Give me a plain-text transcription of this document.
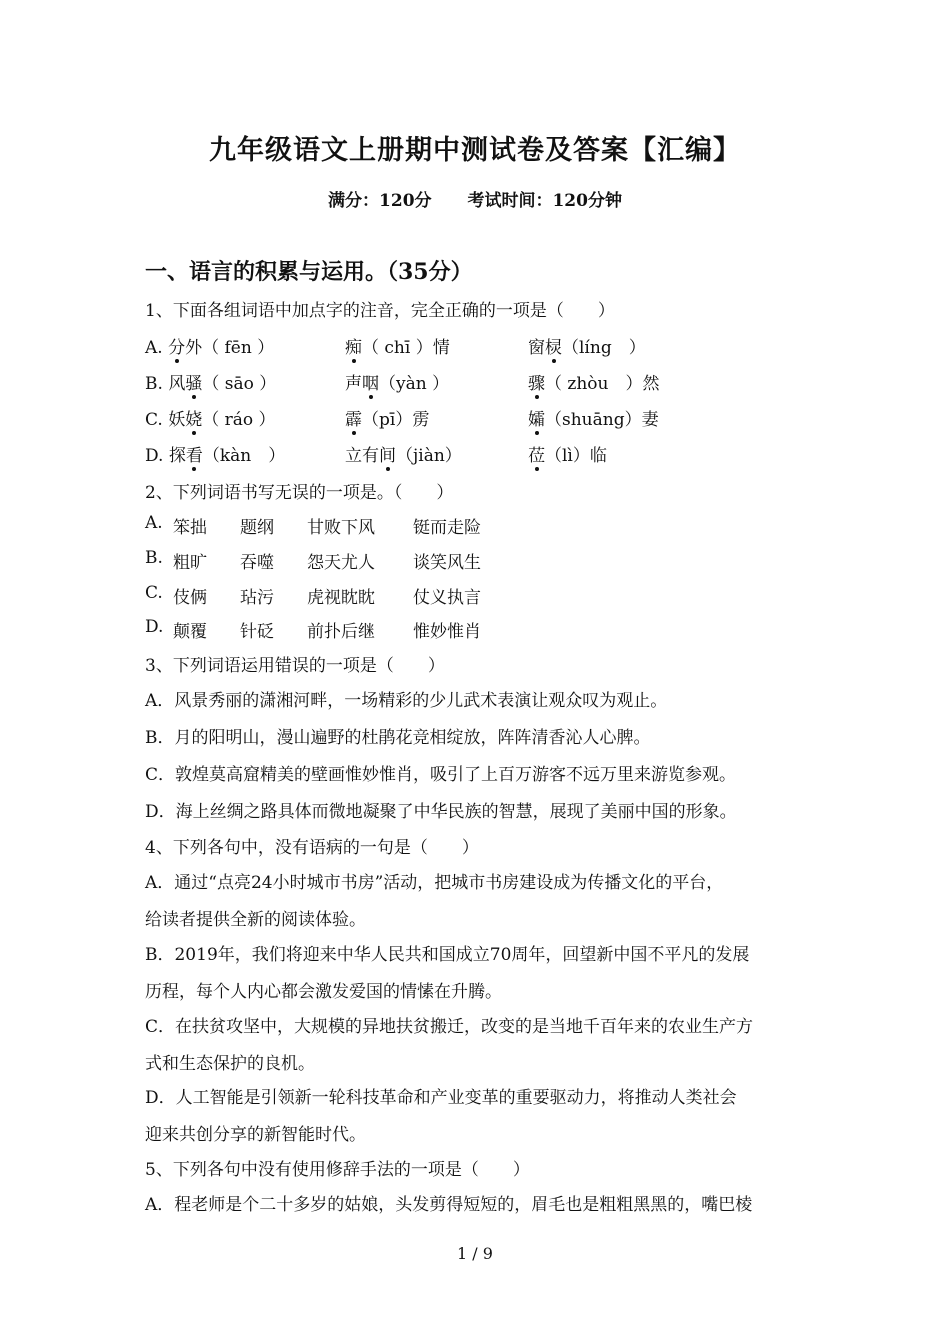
九年级语文上册期中测试卷及答案【汇编】
满分：120分 考试时间：120分钟
一、语言的积累与运用。（35分）
1、下面各组词语中加点字的注音，完全正确的一项是（　　）
A. 分外（ fēn ）	痴（ chī ）情	窗棂（líng　）
B. 风骚（ sāo ）	声咽（yàn ）	骤（ zhòu　）然
C. 妖娆（ ráo ）	霹（pī）雳	孀（shuāng）妻
D. 探看（kàn　）	立有间（jiàn）	莅（lì）临
2、下列词语书写无误的一项是。（　　）
A. 笨拙 题纲 甘败下风 铤而走险
B. 粗旷 吞噬 怨天尤人 谈笑风生
C. 伎俩 玷污 虎视眈眈 仗义执言
D. 颠覆 针砭 前扑后继 惟妙惟肖
3、下列词语运用错误的一项是（　　）
A．风景秀丽的潇湘河畔，一场精彩的少儿武术表演让观众叹为观止。
B．月的阳明山，漫山遍野的杜鹃花竞相绽放，阵阵清香沁人心脾。
C．敦煌莫高窟精美的壁画惟妙惟肖，吸引了上百万游客不远万里来游览参观。
D．海上丝绸之路具体而微地凝聚了中华民族的智慧，展现了美丽中国的形象。
4、下列各句中，没有语病的一句是（　　）
A．通过“点亮24小时城市书房”活动，把城市书房建设成为传播文化的平台，
给读者提供全新的阅读体验。
B．2019年，我们将迎来中华人民共和国成立70周年，回望新中国不平凡的发展
历程，每个人内心都会激发爱国的情愫在升腾。
C．在扶贫攻坚中，大规模的异地扶贫搬迁，改变的是当地千百年来的农业生产方
式和生态保护的良机。
D．人工智能是引领新一轮科技革命和产业变革的重要驱动力，将推动人类社会
迎来共创分享的新智能时代。
5、下列各句中没有使用修辞手法的一项是（　　）
A．程老师是个二十多岁的姑娘，头发剪得短短的，眉毛也是粗粗黑黑的，嘴巴棱
1 / 9
